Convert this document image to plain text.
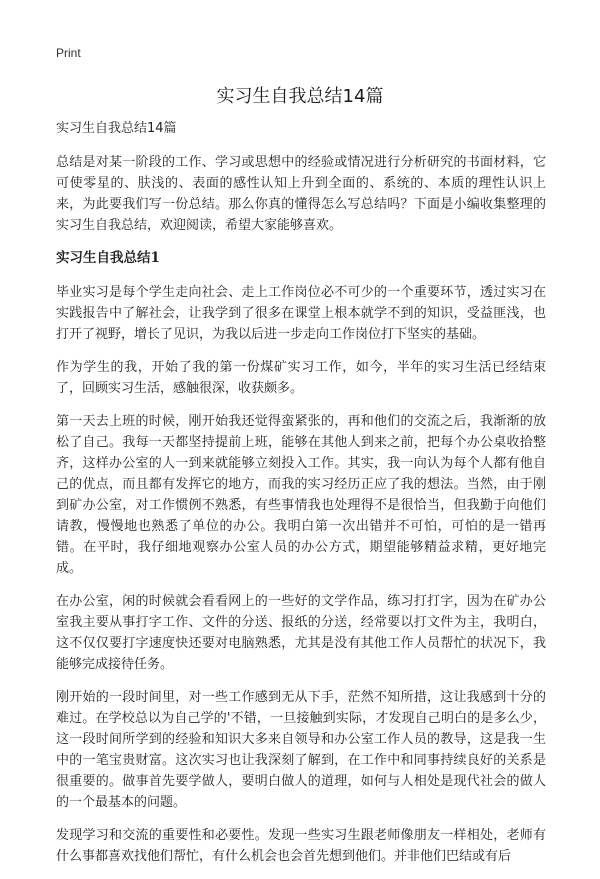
Print
实习生自我总结14篇

实习生自我总结14篇

总结是对某一阶段的工作、学习或思想中的经验或情况进行分析研究的书面材料，它可使零星的、肤浅的、表面的感性认知上升到全面的、系统的、本质的理性认识上来，为此要我们写一份总结。那么你真的懂得怎么写总结吗？下面是小编收集整理的实习生自我总结，欢迎阅读，希望大家能够喜欢。

实习生自我总结1

毕业实习是每个学生走向社会、走上工作岗位必不可少的一个重要环节，透过实习在实践报告中了解社会，让我学到了很多在课堂上根本就学不到的知识，受益匪浅，也打开了视野，增长了见识，为我以后进一步走向工作岗位打下坚实的基础。

作为学生的我，开始了我的第一份煤矿实习工作，如今，半年的实习生活已经结束了，回顾实习生活，感触很深，收获颇多。

第一天去上班的时候，刚开始我还觉得蛮紧张的，再和他们的交流之后，我渐渐的放松了自己。我每一天都坚持提前上班，能够在其他人到来之前，把每个办公桌收拾整齐，这样办公室的人一到来就能够立刻投入工作。其实，我一向认为每个人都有他自己的优点，而且都有发挥它的地方，而我的实习经历正应了我的想法。当然，由于刚到矿办公室，对工作惯例不熟悉，有些事情我也处理得不是很恰当，但我勤于向他们请教，慢慢地也熟悉了单位的办公。我明白第一次出错并不可怕，可怕的是一错再错。在平时，我仔细地观察办公室人员的办公方式，期望能够精益求精，更好地完成。

在办公室，闲的时候就会看看网上的一些好的文学作品，练习打打字，因为在矿办公室我主要从事打字工作、文件的分送、报纸的分送，经常要以打文件为主，我明白，这不仅仅要打字速度快还要对电脑熟悉，尤其是没有其他工作人员帮忙的状况下，我能够完成接待任务。

刚开始的一段时间里，对一些工作感到无从下手，茫然不知所措，这让我感到十分的难过。在学校总以为自己学的'不错，一旦接触到实际，才发现自己明白的是多么少，这一段时间所学到的经验和知识大多来自领导和办公室工作人员的教导，这是我一生中的一笔宝贵财富。这次实习也让我深刻了解到，在工作中和同事持续良好的关系是很重要的。做事首先要学做人，要明白做人的道理，如何与人相处是现代社会的做人的一个最基本的问题。

发现学习和交流的重要性和必要性。发现一些实习生跟老师像朋友一样相处，老师有什么事都喜欢找他们帮忙，有什么机会也会首先想到他们。并非他们巴结或有后
